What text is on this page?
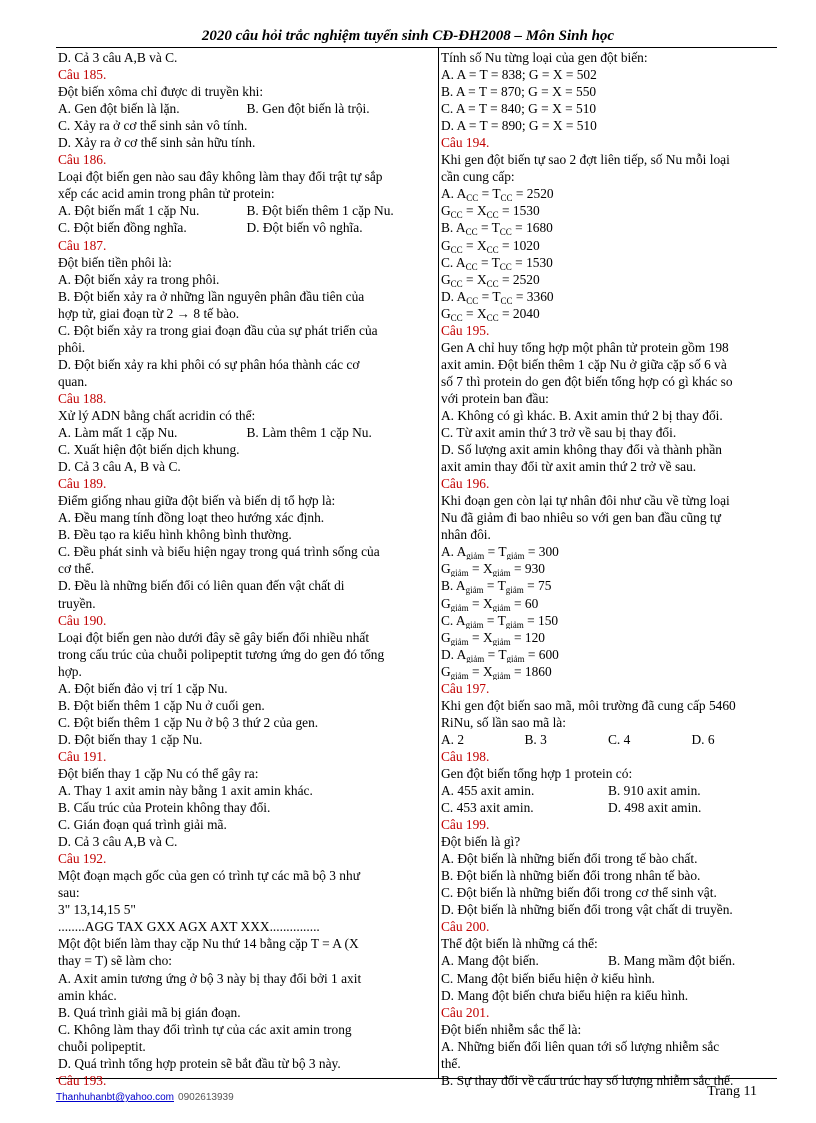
2020 câu hỏi trắc nghiệm tuyển sinh CĐ-ĐH2008 – Môn Sinh học
D. Cả 3 câu A,B và C.
Câu 185.
Đột biến xôma chỉ được di truyền khi:
A. Gen đột biến là lặn.	B. Gen đột biến là trội.
C. Xảy ra ở cơ thể sinh sản vô tính.
D. Xảy ra ở cơ thể sinh sản hữu tính.
Câu 186.
Loại đột biến gen nào sau đây không làm thay đổi trật tự sắp
xếp các acid amin trong phân tử protein:
A. Đột biến mất 1 cặp Nu.	B. Đột biến thêm 1 cặp Nu.
C. Đột biến đồng nghĩa.	D. Đột biến vô nghĩa.
Câu 187.
Đột biến tiền phôi là:
A. Đột biến xảy ra trong phôi.
B. Đột biến xảy ra ở những lần nguyên phân đầu tiên của
hợp tử, giai đoạn từ 2 → 8 tế bào.
C. Đột biến xảy ra trong giai đoạn đầu của sự phát triển của
phôi.
D. Đột biến xảy ra khi phôi có sự phân hóa thành các cơ
quan.
Câu 188.
Xử lý ADN bằng chất acridin có thể:
A. Làm mất 1 cặp Nu.	B. Làm thêm 1 cặp Nu.
C. Xuất hiện đột biến dịch khung.
D. Cả 3 câu A, B và C.
Câu 189.
Điểm giống nhau giữa đột biến và biến dị tổ hợp là:
A. Đều mang tính đồng loạt theo hướng xác định.
B. Đều tạo ra kiểu hình không bình thường.
C. Đều phát sinh và biểu hiện ngay trong quá trình sống của
cơ thể.
D. Đều là những biến đổi có liên quan đến vật chất di
truyền.
Câu 190.
Loại đột biến gen nào dưới đây sẽ gây biến đổi nhiều nhất
trong cấu trúc của chuỗi polipeptit tương ứng do gen đó tổng
hợp.
A. Đột biến đảo vị trí 1 cặp Nu.
B. Đột biến thêm 1 cặp Nu ở cuối gen.
C. Đột biến thêm 1 cặp Nu ở bộ 3 thứ 2 của gen.
D. Đột biến thay 1 cặp Nu.
Câu 191.
Đột biến thay 1 cặp Nu có thể gây ra:
A. Thay 1 axit amin này bằng 1 axit amin khác.
B. Cấu trúc của Protein không thay đổi.
C. Gián đoạn quá trình giải mã.
D. Cả 3 câu A,B và C.
Câu 192.
Một đoạn mạch gốc của gen có trình tự các mã bộ 3 như
sau:
3" 13,14,15 5"
........AGG TAX GXX AGX AXT XXX...............
Một đột biến làm thay cặp Nu thứ 14 bằng cặp T = A (X
thay = T) sẽ làm cho:
A. Axit amin tương ứng ở bộ 3 này bị thay đổi bởi 1 axit
amin khác.
B. Quá trình giải mã bị gián đoạn.
C. Không làm thay đổi trình tự của các axit amin trong
chuỗi polipeptit.
D. Quá trình tổng hợp protein sẽ bắt đầu từ bộ 3 này.
Câu 193.
Tính số Nu từng loại của gen đột biến:
A. A = T = 838; G = X = 502
B. A = T = 870; G = X = 550
C. A = T = 840; G = X = 510
D. A = T = 890; G = X = 510
Câu 194.
Khi gen đột biến tự sao 2 đợt liên tiếp, số Nu mỗi loại
cần cung cấp:
A. $A_{CC} = T_{CC} = 2520$
$G_{CC} = X_{CC} = 1530$
B. $A_{CC} = T_{CC} = 1680$
$G_{CC} = X_{CC} = 1020$
C. $A_{CC} = T_{CC} = 1530$
$G_{CC} = X_{CC} = 2520$
D. $A_{CC} = T_{CC} = 3360$
$G_{CC} = X_{CC} = 2040$
Câu 195.
Gen A chỉ huy tổng hợp một phân tử protein gồm 198
axit amin. Đột biến thêm 1 cặp Nu ở giữa cặp số 6 và
số 7 thì protein do gen đột biến tổng hợp có gì khác so
với protein ban đầu:
A. Không có gì khác. B. Axit amin thứ 2 bị thay đổi.
C. Từ axit amin thứ 3 trở về sau bị thay đổi.
D. Số lượng axit amin không thay đổi và thành phần
axit amin thay đổi từ axit amin thứ 2 trở về sau.
Câu 196.
Khi đoạn gen còn lại tự nhân đôi như cầu về từng loại
Nu đã giảm đi bao nhiêu so với gen ban đầu cũng tự
nhân đôi.
A. $A_{giảm} = T_{giảm} = 300$
$G_{giảm} = X_{giảm} = 930$
B. $A_{giảm} = T_{giảm} = 75$
$G_{giảm} = X_{giảm} = 60$
C. $A_{giảm} = T_{giảm} = 150$
$G_{giảm} = X_{giảm} = 120$
D. $A_{giảm} = T_{giảm} = 600$
$G_{giảm} = X_{giảm} = 1860$
Câu 197.
Khi gen đột biến sao mã, môi trường đã cung cấp 5460
RiNu, số lần sao mã là:
A. 2	B. 3	C. 4	D. 6
Câu 198.
Gen đột biến tổng hợp 1 protein có:
A. 455 axit amin.	B. 910 axit amin.
C. 453 axit amin.	D. 498 axit amin.
Câu 199.
Đột biến là gì?
A. Đột biến là những biến đổi trong tế bào chất.
B. Đột biến là những biến đổi trong nhân tế bào.
C. Đột biến là những biến đổi trong cơ thể sinh vật.
D. Đột biến là những biến đổi trong vật chất di truyền.
Câu 200.
Thể đột biến là những cá thể:
A. Mang đột biến.	B. Mang mầm đột biến.
C. Mang đột biến biểu hiện ở kiểu hình.
D. Mang đột biến chưa biểu hiện ra kiểu hình.
Câu 201.
Đột biến nhiễm sắc thể là:
A. Những biến đổi liên quan tới số lượng nhiễm sắc
thể.
B. Sự thay đổi về cấu trúc hay số lượng nhiễm sắc thể.
Thanhuhanbt@yahoo.com 0902613939	Trang 11
